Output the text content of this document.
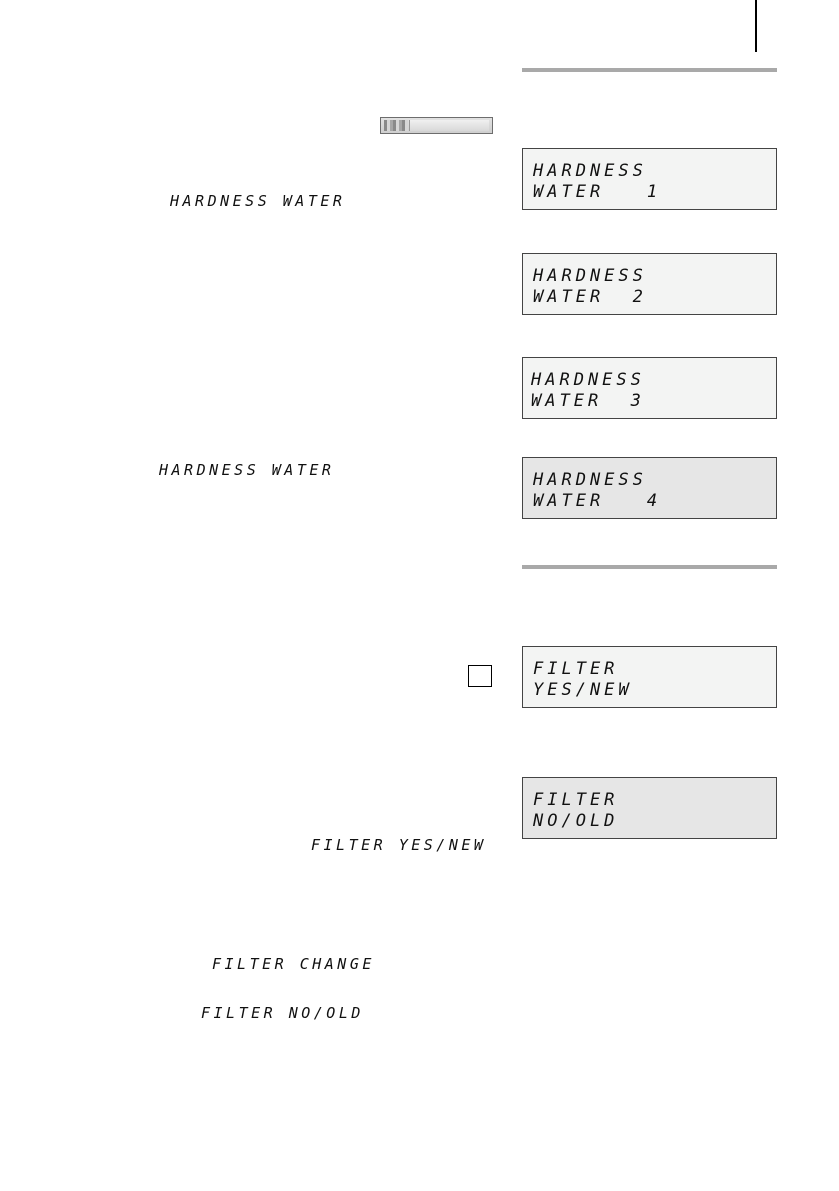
HARDNESS WATER
HARDNESS
WATER   1
HARDNESS
WATER  2
HARDNESS
WATER  3
HARDNESS WATER	HARDNESS
WATER   4
FILTER
YES/NEW
FILTER
NO/OLD
FILTER YES/NEW
FILTER CHANGE
FILTER NO/OLD
